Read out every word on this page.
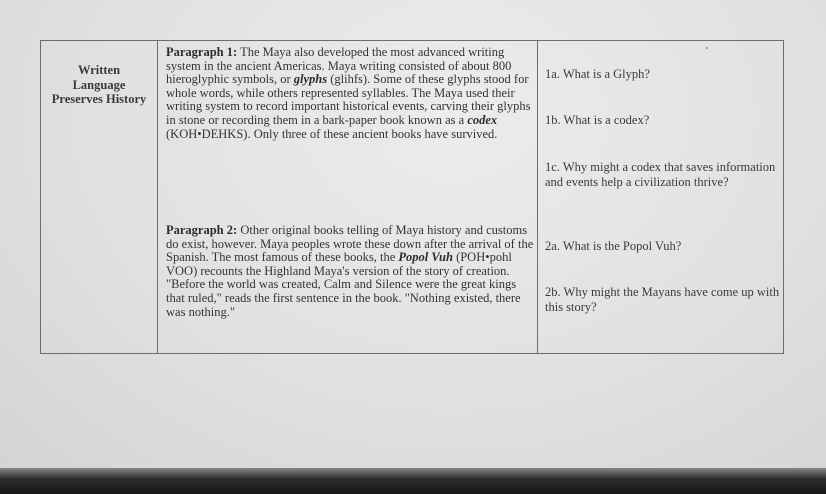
Written
Language
Preserves History
Paragraph 1: The Maya also developed the most advanced writing system in the ancient Americas. Maya writing consisted of about 800 hieroglyphic symbols, or glyphs (glihfs). Some of these glyphs stood for whole words, while others represented syllables. The Maya used their writing system to record important historical events, carving their glyphs in stone or recording them in a bark-paper book known as a codex (KOH•DEHKS). Only three of these ancient books have survived.
Paragraph 2: Other original books telling of Maya history and customs do exist, however. Maya peoples wrote these down after the arrival of the Spanish. The most famous of these books, the Popol Vuh (POH•pohl VOO) recounts the Highland Maya's version of the story of creation. "Before the world was created, Calm and Silence were the great kings that ruled," reads the first sentence in the book. "Nothing existed, there was nothing."
1a. What is a Glyph?
1b. What is a codex?
1c. Why might a codex that saves information and events help a civilization thrive?
2a. What is the Popol Vuh?
2b. Why might the Mayans have come up with this story?
